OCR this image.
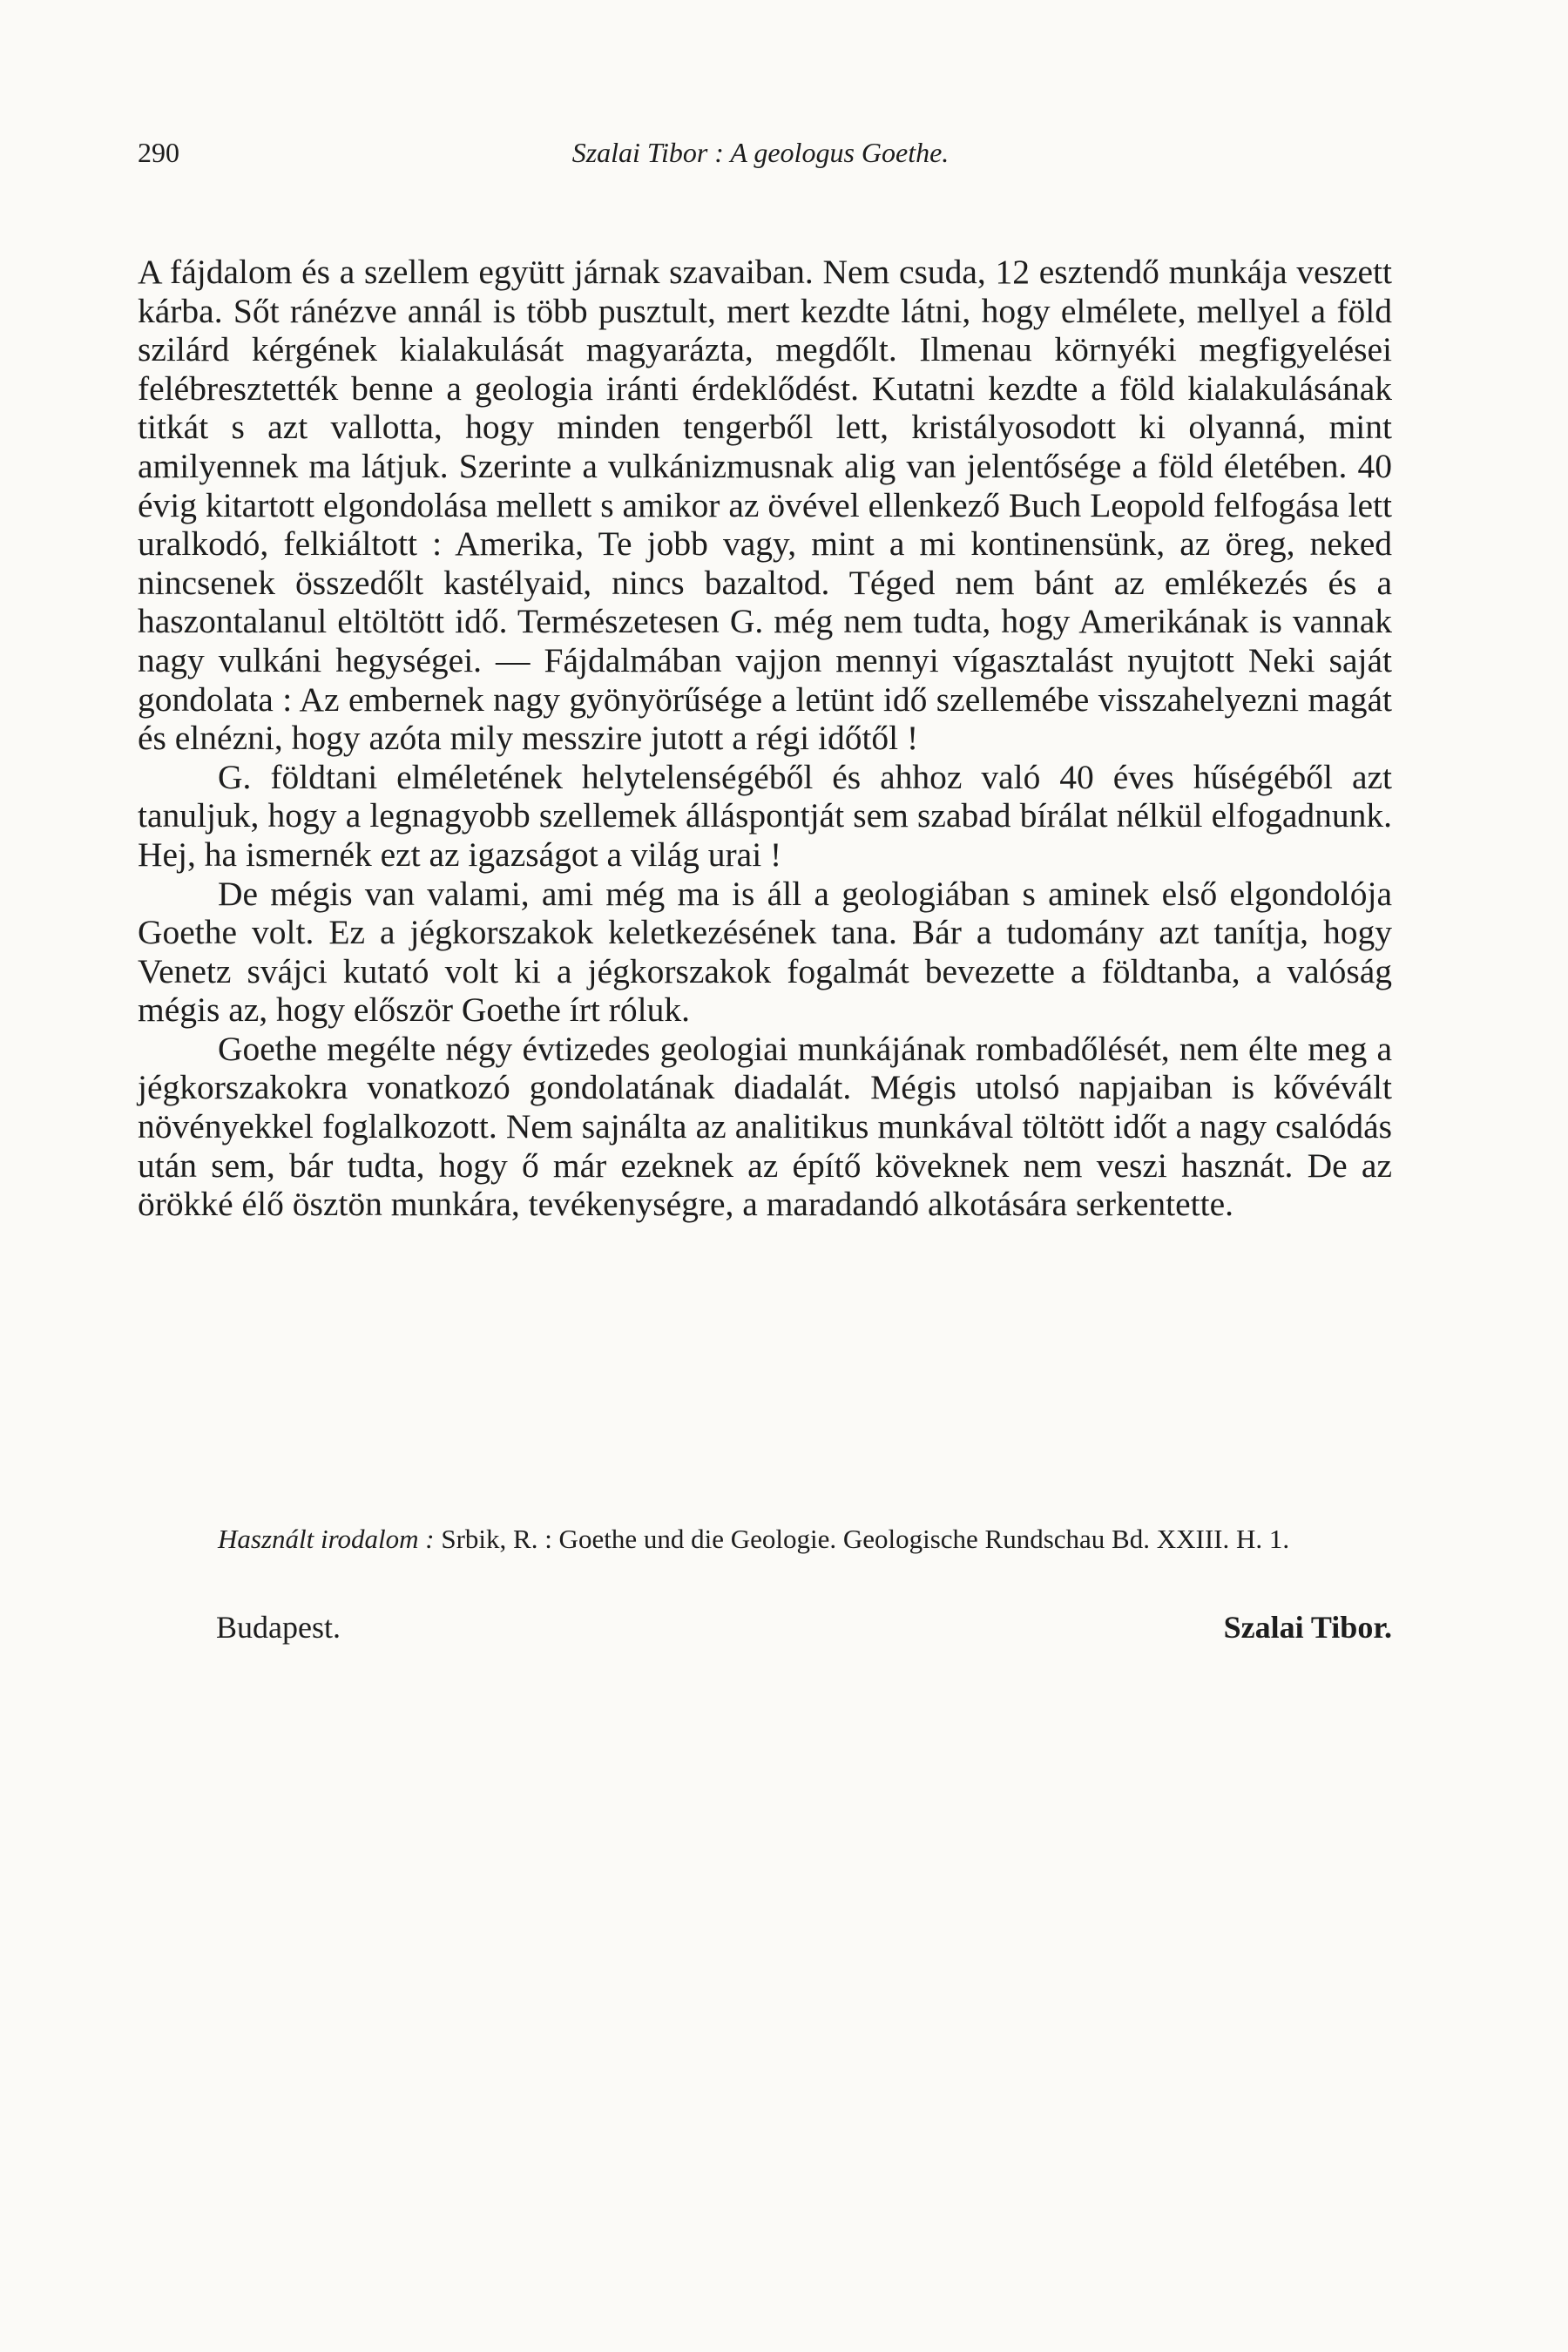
290	Szalai Tibor : A geologus Goethe.

A fájdalom és a szellem együtt járnak szavaiban. Nem csuda, 12 esztendő munkája veszett kárba. Sőt ránézve annál is több pusztult, mert kezdte látni, hogy elmélete, mellyel a föld szilárd kérgének kialakulását magyarázta, megdőlt. Ilmenau környéki megfigyelései felébresztették benne a geologia iránti érdeklődést. Kutatni kezdte a föld kialakulásának titkát s azt vallotta, hogy minden tengerből lett, kristályosodott ki olyanná, mint amilyennek ma látjuk. Szerinte a vulkánizmusnak alig van jelentősége a föld életében. 40 évig kitartott elgondolása mellett s amikor az övével ellenkező Buch Leopold felfogása lett uralkodó, felkiáltott : Amerika, Te jobb vagy, mint a mi kontinensünk, az öreg, neked nincsenek összedőlt kastélyaid, nincs bazaltod. Téged nem bánt az emlékezés és a haszontalanul eltöltött idő. Természetesen G. még nem tudta, hogy Amerikának is vannak nagy vulkáni hegységei. — Fájdalmában vajjon mennyi vígasztalást nyujtott Neki saját gondolata : Az embernek nagy gyönyörűsége a letünt idő szellemébe visszahelyezni magát és elnézni, hogy azóta mily messzire jutott a régi időtől !

G. földtani elméletének helytelenségéből és ahhoz való 40 éves hűségéből azt tanuljuk, hogy a legnagyobb szellemek álláspontját sem szabad bírálat nélkül elfogadnunk. Hej, ha ismernék ezt az igazságot a világ urai !

De mégis van valami, ami még ma is áll a geologiában s aminek első elgondolója Goethe volt. Ez a jégkorszakok keletkezésének tana. Bár a tudomány azt tanítja, hogy Venetz svájci kutató volt ki a jégkorszakok fogalmát bevezette a földtanba, a valóság mégis az, hogy először Goethe írt róluk.

Goethe megélte négy évtizedes geologiai munkájának rombadőlését, nem élte meg a jégkorszakokra vonatkozó gondolatának diadalát. Mégis utolsó napjaiban is kővévált növényekkel foglalkozott. Nem sajnálta az analitikus munkával töltött időt a nagy csalódás után sem, bár tudta, hogy ő már ezeknek az építő köveknek nem veszi hasznát. De az örökké élő ösztön munkára, tevékenységre, a maradandó alkotására serkentette.

Használt irodalom : Srbik, R. : Goethe und die Geologie. Geologische Rundschau Bd. XXIII. H. 1.
Budapest.	Szalai Tibor.
